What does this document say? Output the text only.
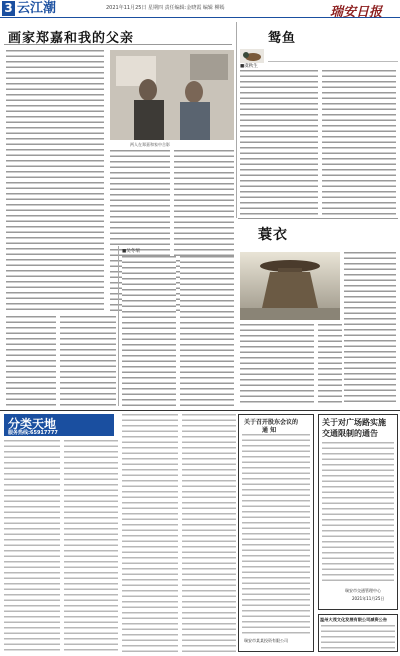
3 云江潮	2021年11月25日 星期四 责任编辑:金晓霞 编辑 柳嫣	瑞安日报
画家郑嘉和我的父亲	鸳鱼
■虞秋生
两人在郑嘉和家中合影
蓑衣
■吴冬瑞
分类天地
服务热线:65917777
关于召开股东会议的
通 知
瑞安市某某投资有限公司
关于对广场路实施
交通限制的通告
瑞安市交通管理中心
2021年11月25日
温州大茂文化发展有限公司减资公告
